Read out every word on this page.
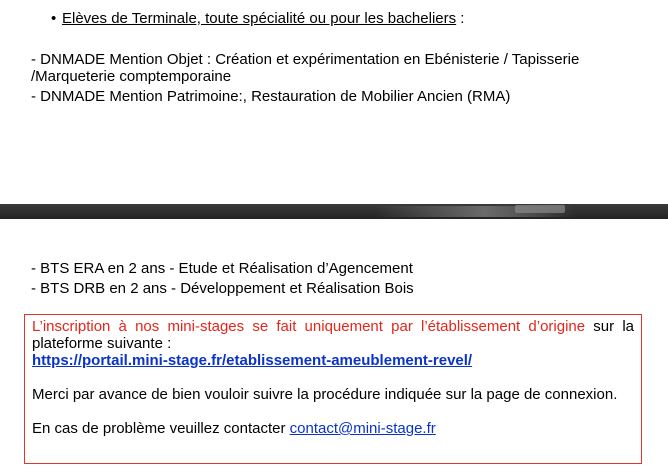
• Elèves de Terminale, toute spécialité ou pour les bacheliers :
- DNMADE Mention Objet : Création et expérimentation en Ebénisterie / Tapisserie
/Marqueterie comptemporaine
- DNMADE Mention Patrimoine:, Restauration de Mobilier Ancien (RMA)
- BTS ERA en 2 ans - Etude et Réalisation d’Agencement
- BTS DRB en 2 ans - Développement et Réalisation Bois

L’inscription à nos mini-stages se fait uniquement par l’établissement d’origine sur la plateforme suivante :

https://portail.mini-stage.fr/etablissement-ameublement-revel/

Merci par avance de bien vouloir suivre la procédure indiquée sur la page de connexion.

En cas de problème veuillez contacter contact@mini-stage.fr
